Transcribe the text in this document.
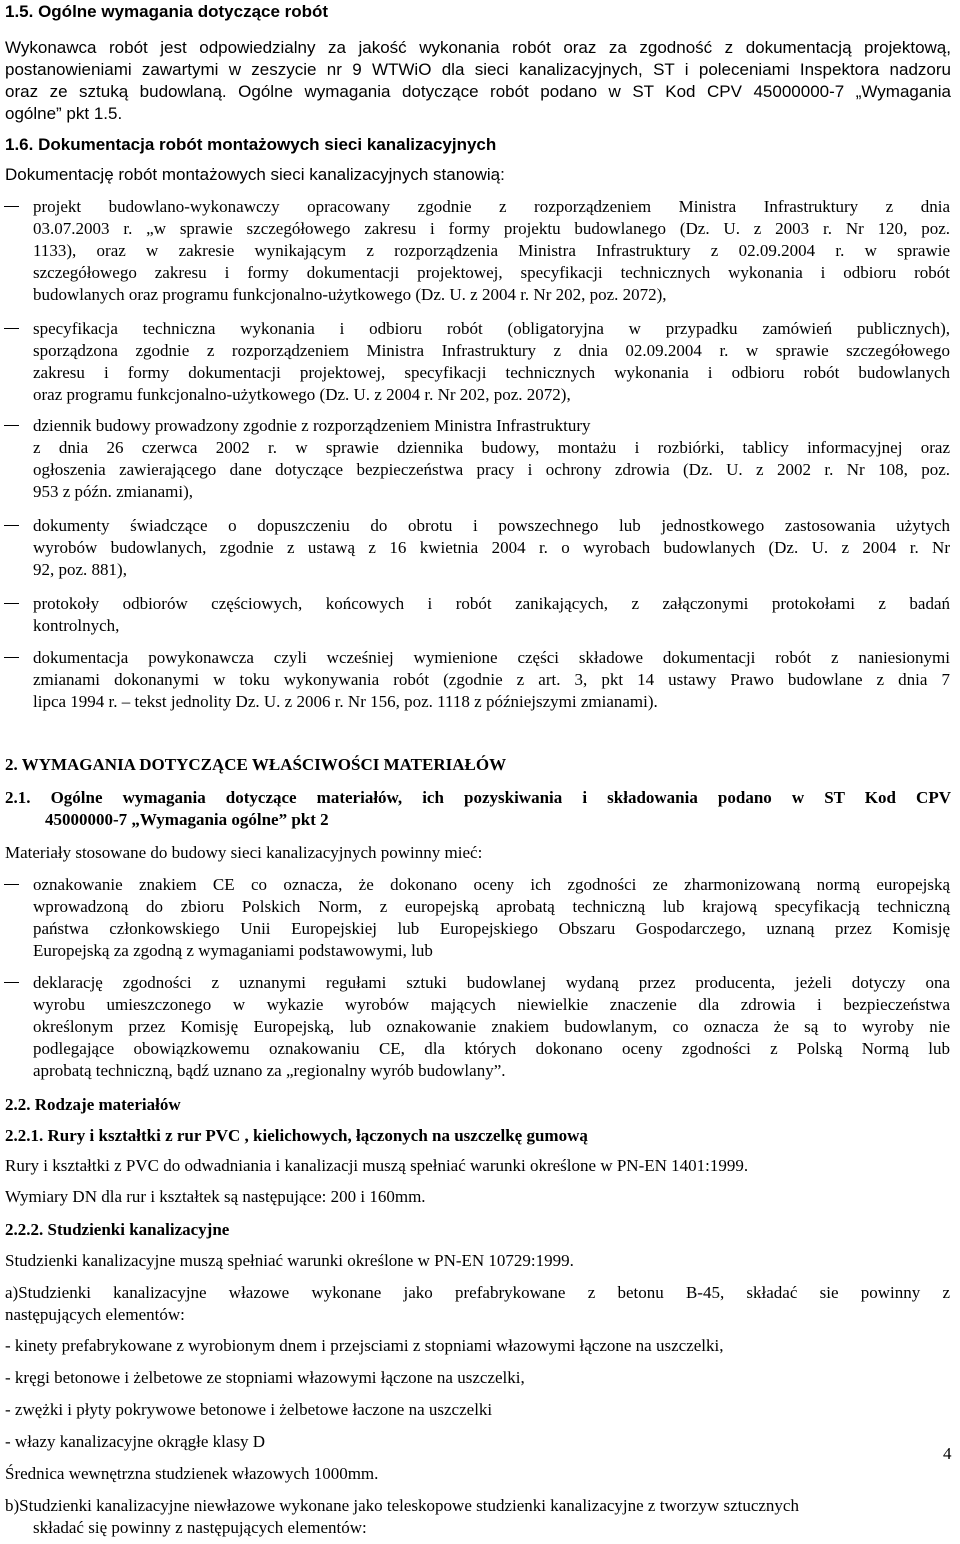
1.5. Ogólne wymagania dotyczące robót
Wykonawca robót jest odpowiedzialny za jakość wykonania robót oraz za zgodność z dokumentacją projektową,
postanowieniami zawartymi w zeszycie nr 9 WTWiO dla sieci kanalizacyjnych, ST i poleceniami Inspektora nadzoru
oraz ze sztuką budowlaną. Ogólne wymagania dotyczące robót podano w ST Kod CPV 45000000-7 „Wymagania
ogólne” pkt 1.5.
1.6. Dokumentacja robót montażowych sieci kanalizacyjnych
Dokumentację robót montażowych sieci kanalizacyjnych stanowią:
projekt budowlano-wykonawczy opracowany zgodnie z rozporządzeniem Ministra Infrastruktury z dnia
03.07.2003 r. „w sprawie szczegółowego zakresu i formy projektu budowlanego (Dz. U. z 2003 r. Nr 120, poz.
1133), oraz w zakresie wynikającym z rozporządzenia Ministra Infrastruktury z 02.09.2004 r. w sprawie
szczegółowego zakresu i formy dokumentacji projektowej, specyfikacji technicznych wykonania i odbioru robót
budowlanych oraz programu funkcjonalno-użytkowego (Dz. U. z 2004 r. Nr 202, poz. 2072),
specyfikacja techniczna wykonania i odbioru robót (obligatoryjna w przypadku zamówień publicznych),
sporządzona zgodnie z rozporządzeniem Ministra Infrastruktury z dnia 02.09.2004 r. w sprawie szczegółowego
zakresu i formy dokumentacji projektowej, specyfikacji technicznych wykonania i odbioru robót budowlanych
oraz programu funkcjonalno-użytkowego (Dz. U. z 2004 r. Nr 202, poz. 2072),
dziennik budowy prowadzony zgodnie z rozporządzeniem Ministra Infrastruktury
z dnia 26 czerwca 2002 r. w sprawie dziennika budowy, montażu i rozbiórki, tablicy informacyjnej oraz
ogłoszenia zawierającego dane dotyczące bezpieczeństwa pracy i ochrony zdrowia (Dz. U. z 2002 r. Nr 108, poz.
953 z późn. zmianami),
dokumenty świadczące o dopuszczeniu do obrotu i powszechnego lub jednostkowego zastosowania użytych
wyrobów budowlanych, zgodnie z ustawą z 16 kwietnia 2004 r. o wyrobach budowlanych (Dz. U. z 2004 r. Nr
92, poz. 881),
protokoły odbiorów częściowych, końcowych i robót zanikających, z załączonymi protokołami z badań
kontrolnych,
dokumentacja powykonawcza czyli wcześniej wymienione części składowe dokumentacji robót z naniesionymi
zmianami dokonanymi w toku wykonywania robót (zgodnie z art. 3, pkt 14 ustawy Prawo budowlane z dnia 7
lipca 1994 r. – tekst jednolity Dz. U. z 2006 r. Nr 156, poz. 1118 z późniejszymi zmianami).
2. WYMAGANIA DOTYCZĄCE WŁAŚCIWOŚCI MATERIAŁÓW
2.1. Ogólne wymagania dotyczące materiałów, ich pozyskiwania i składowania podano w ST Kod CPV
45000000-7 „Wymagania ogólne” pkt 2
Materiały stosowane do budowy sieci kanalizacyjnych powinny mieć:
oznakowanie znakiem CE co oznacza, że dokonano oceny ich zgodności ze zharmonizowaną normą europejską
wprowadzoną do zbioru Polskich Norm, z europejską aprobatą techniczną lub krajową specyfikacją techniczną
państwa członkowskiego Unii Europejskiej lub Europejskiego Obszaru Gospodarczego, uznaną przez Komisję
Europejską za zgodną z wymaganiami podstawowymi, lub
deklarację zgodności z uznanymi regułami sztuki budowlanej wydaną przez producenta, jeżeli dotyczy ona
wyrobu umieszczonego w wykazie wyrobów mających niewielkie znaczenie dla zdrowia i bezpieczeństwa
określonym przez Komisję Europejską, lub oznakowanie znakiem budowlanym, co oznacza że są to wyroby nie
podlegające obowiązkowemu oznakowaniu CE, dla których dokonano oceny zgodności z Polską Normą lub
aprobatą techniczną, bądź uznano za „regionalny wyrób budowlany”.
2.2. Rodzaje materiałów
2.2.1. Rury i kształtki z rur PVC , kielichowych, łączonych na uszczelkę gumową
Rury i kształtki z PVC do odwadniania i kanalizacji muszą spełniać warunki określone w PN-EN 1401:1999.
Wymiary DN dla rur i kształtek są następujące: 200 i 160mm.
2.2.2. Studzienki kanalizacyjne
Studzienki kanalizacyjne muszą spełniać warunki określone w PN-EN 10729:1999.
a)Studzienki kanalizacyjne włazowe wykonane jako prefabrykowane z betonu B-45, składać sie powinny z
następujących elementów:
- kinety prefabrykowane z wyrobionym dnem i przejsciami z stopniami włazowymi łączone na uszczelki,
- kręgi betonowe i żelbetowe ze stopniami włazowymi łączone na uszczelki,
- zwężki i płyty pokrywowe betonowe i żelbetowe łaczone na uszczelki
- włazy kanalizacyjne okrągłe klasy D
Średnica wewnętrzna studzienek włazowych 1000mm.
b)Studzienki kanalizacyjne niewłazowe wykonane jako teleskopowe studzienki kanalizacyjne z tworzyw sztucznych
składać się powinny z następujących elementów:
4
